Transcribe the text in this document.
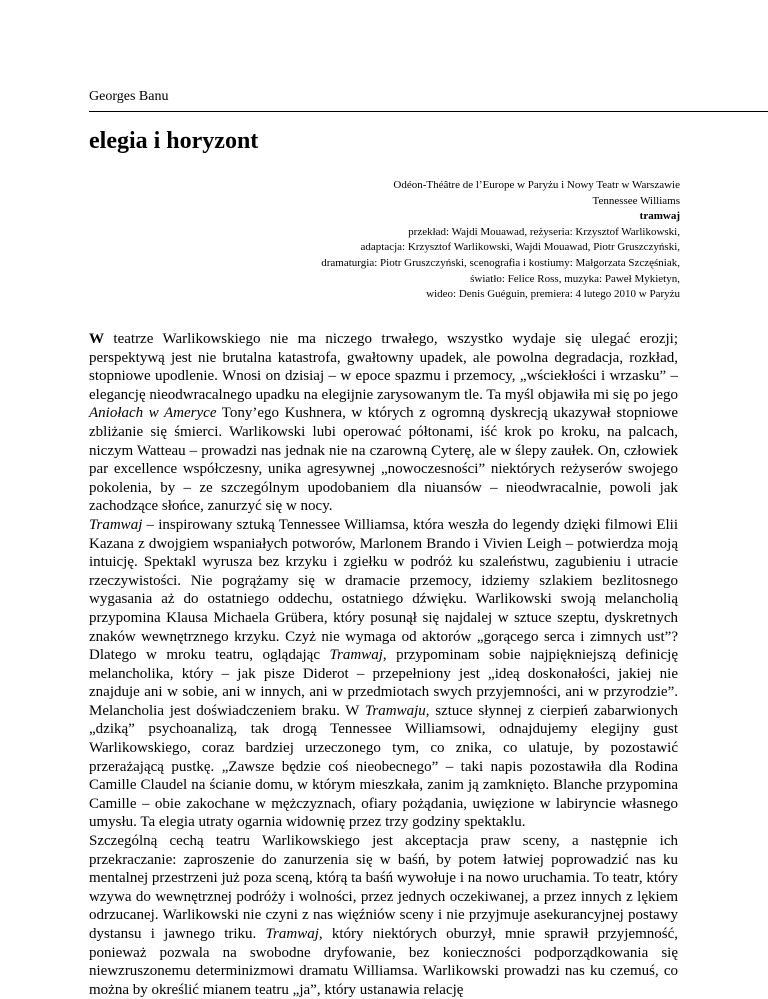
Georges Banu
elegia i horyzont
Odéon-Théâtre de l’Europe w Paryżu i Nowy Teatr w Warszawie
Tennessee Williams
tramwaj
przekład: Wajdi Mouawad, reżyseria: Krzysztof Warlikowski,
adaptacja: Krzysztof Warlikowski, Wajdi Mouawad, Piotr Gruszczyński,
dramaturgia: Piotr Gruszczyński, scenografia i kostiumy: Małgorzata Szczęśniak,
światło: Felice Ross, muzyka: Paweł Mykietyn,
wideo: Denis Guéguin, premiera: 4 lutego 2010 w Paryżu

W teatrze Warlikowskiego nie ma niczego trwałego, wszystko wydaje się ulegać erozji; perspektywą jest nie brutalna katastrofa, gwałtowny upadek, ale powolna degradacja, rozkład, stopniowe upodlenie. Wnosi on dzisiaj – w epoce spazmu i przemocy, „wściekłości i wrzasku” – elegancję nieodwracalnego upadku na elegijnie zarysowanym tle. Ta myśl objawiła mi się po jego Aniołach w Ameryce Tony’ego Kushnera, w których z ogromną dyskrecją ukazywał stopniowe zbliżanie się śmierci. Warlikowski lubi operować półtonami, iść krok po kroku, na palcach, niczym Watteau – prowadzi nas jednak nie na czarowną Cyterę, ale w ślepy zaułek. On, człowiek par excellence współczesny, unika agresywnej „nowoczesności” niektórych reżyserów swojego pokolenia, by – ze szczególnym upodobaniem dla niuansów – nieodwracalnie, powoli jak zachodzące słońce, zanurzyć się w nocy.

Tramwaj – inspirowany sztuką Tennessee Williamsa, która weszła do legendy dzięki filmowi Elii Kazana z dwojgiem wspaniałych potworów, Marlonem Brando i Vivien Leigh – potwierdza moją intuicję. Spektakl wyrusza bez krzyku i zgiełku w podróż ku szaleństwu, zagubieniu i utracie rzeczywistości. Nie pogrążamy się w dramacie przemocy, idziemy szlakiem bezlitosnego wygasania aż do ostatniego oddechu, ostatniego dźwięku. Warlikowski swoją melancholią przypomina Klausa Michaela Grübera, który posunął się najdalej w sztuce szeptu, dyskretnych znaków wewnętrznego krzyku. Czyż nie wymaga od aktorów „gorącego serca i zimnych ust”? Dlatego w mroku teatru, oglądając Tramwaj, przypominam sobie najpiękniejszą definicję melancholika, który – jak pisze Diderot – przepełniony jest „ideą doskonałości, jakiej nie znajduje ani w sobie, ani w innych, ani w przedmiotach swych przyjemności, ani w przyrodzie”. Melancholia jest doświadczeniem braku. W Tramwaju, sztuce słynnej z cierpień zabarwionych „dziką” psychoanalizą, tak drogą Tennessee Williamsowi, odnajdujemy elegijny gust Warlikowskiego, coraz bardziej urzeczonego tym, co znika, co ulatuje, by pozostawić przerażającą pustkę. „Zawsze będzie coś nieobecnego” – taki napis pozostawiła dla Rodina Camille Claudel na ścianie domu, w którym mieszkała, zanim ją zamknięto. Blanche przypomina Camille – obie zakochane w mężczyznach, ofiary pożądania, uwięzione w labiryncie własnego umysłu. Ta elegia utraty ogarnia widownię przez trzy godziny spektaklu.

Szczególną cechą teatru Warlikowskiego jest akceptacja praw sceny, a następnie ich przekraczanie: zaproszenie do zanurzenia się w baśń, by potem łatwiej poprowadzić nas ku mentalnej przestrzeni już poza sceną, którą ta baśń wywołuje i na nowo uruchamia. To teatr, który wzywa do wewnętrznej podróży i wolności, przez jednych oczekiwanej, a przez innych z lękiem odrzucanej. Warlikowski nie czyni z nas więźniów sceny i nie przyjmuje asekurancyjnej postawy dystansu i jawnego triku. Tramwaj, który niektórych oburzył, mnie sprawił przyjemność, ponieważ pozwala na swobodne dryfowanie, bez konieczności podporządkowania się niewzruszonemu determinizmowi dramatu Williamsa. Warlikowski prowadzi nas ku czemuś, co można by określić mianem teatru „ja”, który ustanawia relację
